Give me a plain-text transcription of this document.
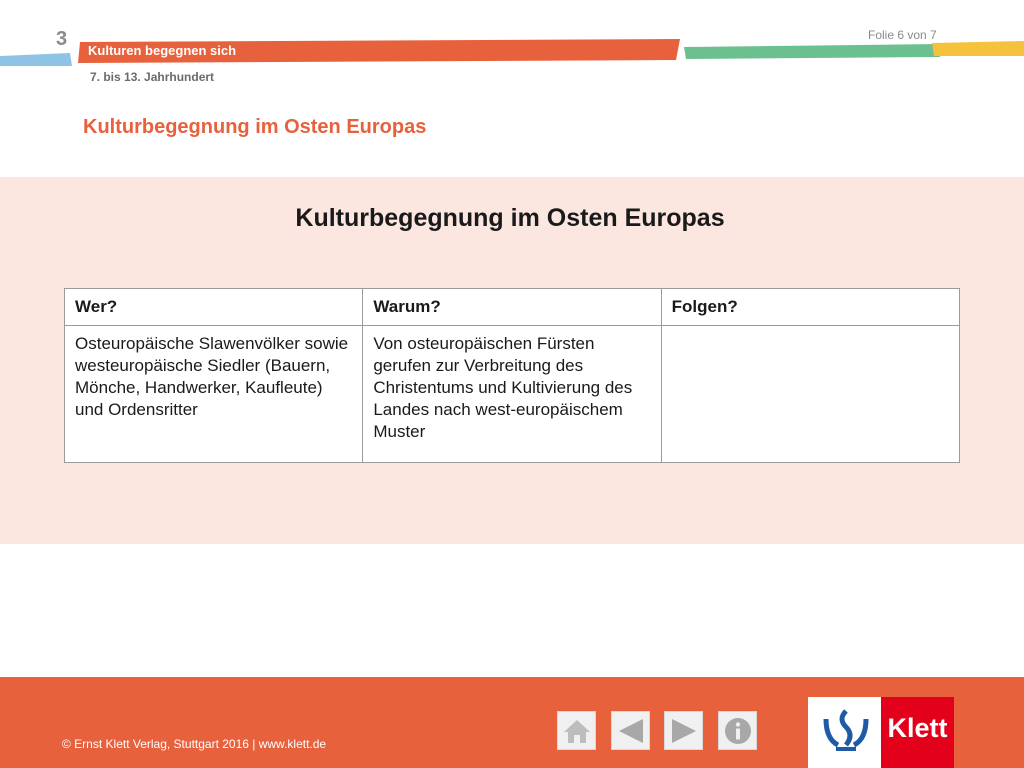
3	Folie 6 von 7
Kulturen begegnen sich
7. bis 13. Jahrhundert
Kulturbegegnung im Osten Europas
Kulturbegegnung im Osten Europas
Wer?	Warum?	Folgen?
Osteuropäische Slawenvölker sowie westeuropäische Siedler (Bauern, Mönche, Handwerker, Kaufleute) und Ordensritter	Von osteuropäischen Fürsten gerufen zur Verbreitung des Christentums und Kultivierung des Landes nach west-europäischem Muster	
© Ernst Klett Verlag, Stuttgart 2016 | www.klett.de
Klett
